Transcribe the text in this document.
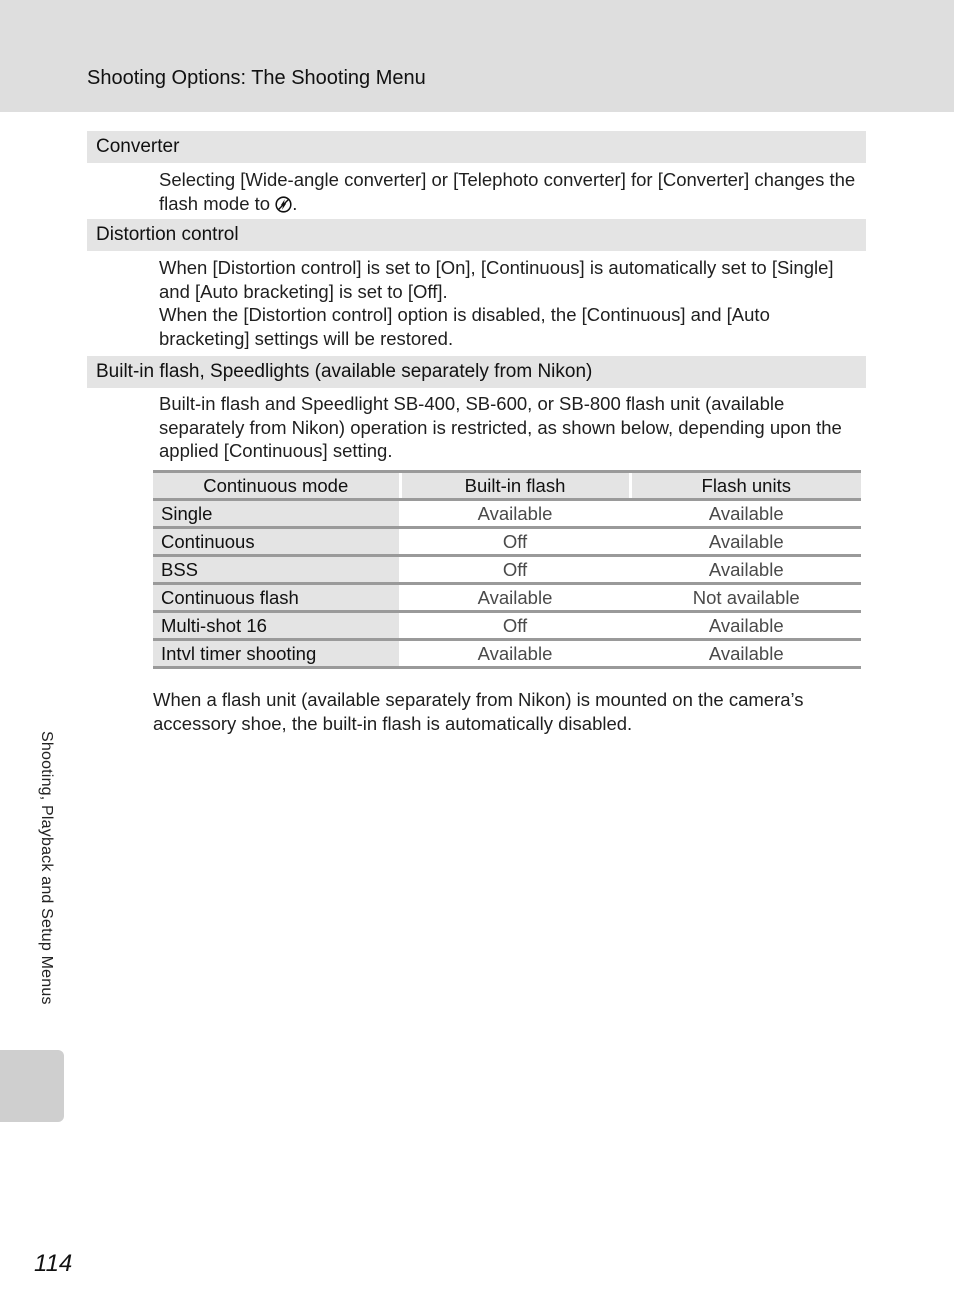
Shooting Options: The Shooting Menu
Converter
Selecting [Wide-angle converter] or [Telephoto converter] for [Converter] changes the flash mode to .
Distortion control
When [Distortion control] is set to [On], [Continuous] is automatically set to [Single] and [Auto bracketing] is set to [Off].
When the [Distortion control] option is disabled, the [Continuous] and [Auto bracketing] settings will be restored.
Built-in flash, Speedlights (available separately from Nikon)
Built-in flash and Speedlight SB-400, SB-600, or SB-800 flash unit (available separately from Nikon) operation is restricted, as shown below, depending upon the applied [Continuous] setting.
Continuous mode	Built-in flash	Flash units
Single	Available	Available
Continuous	Off	Available
BSS	Off	Available
Continuous flash	Available	Not available
Multi-shot 16	Off	Available
Intvl timer shooting	Available	Available
When a flash unit (available separately from Nikon) is mounted on the camera’s accessory shoe, the built-in flash is automatically disabled.
Shooting, Playback and Setup Menus
114
